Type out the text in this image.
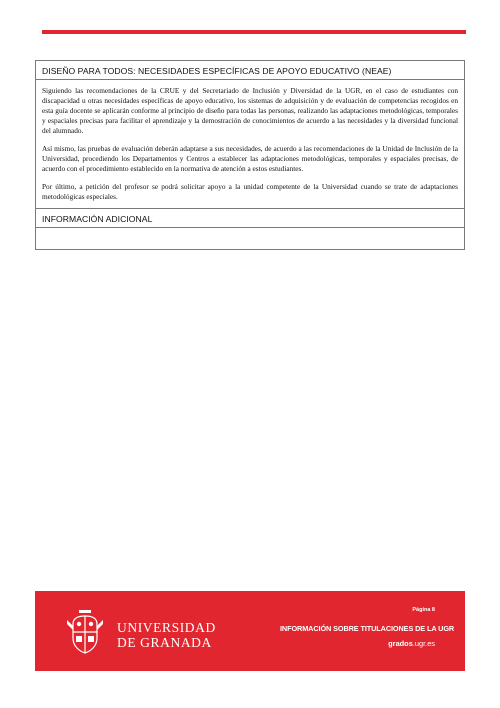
DISEÑO PARA TODOS: NECESIDADES ESPECÍFICAS DE APOYO EDUCATIVO (NEAE)

Siguiendo las recomendaciones de la CRUE y del Secretariado de Inclusión y Diversidad de la UGR, en el caso de estudiantes con discapacidad u otras necesidades específicas de apoyo educativo, los sistemas de adquisición y de evaluación de competencias recogidos en esta guía docente se aplicarán conforme al principio de diseño para todas las personas, realizando las adaptaciones metodológicas, temporales y espaciales precisas para facilitar el aprendizaje y la demostración de conocimientos de acuerdo a las necesidades y la diversidad funcional del alumnado.

Así mismo, las pruebas de evaluación deberán adaptarse a sus necesidades, de acuerdo a las recomendaciones de la Unidad de Inclusión de la Universidad, procediendo los Departamentos y Centros a establecer las adaptaciones metodológicas, temporales y espaciales precisas, de acuerdo con el procedimiento establecido en la normativa de atención a estos estudiantes.

Por último, a petición del profesor se podrá solicitar apoyo a la unidad competente de la Universidad cuando se trate de adaptaciones metodológicas especiales.

INFORMACIÓN ADICIONAL
UNIVERSIDAD
DE GRANADA
Página 8
INFORMACIÓN SOBRE TITULACIONES DE LA UGR
grados.ugr.es
